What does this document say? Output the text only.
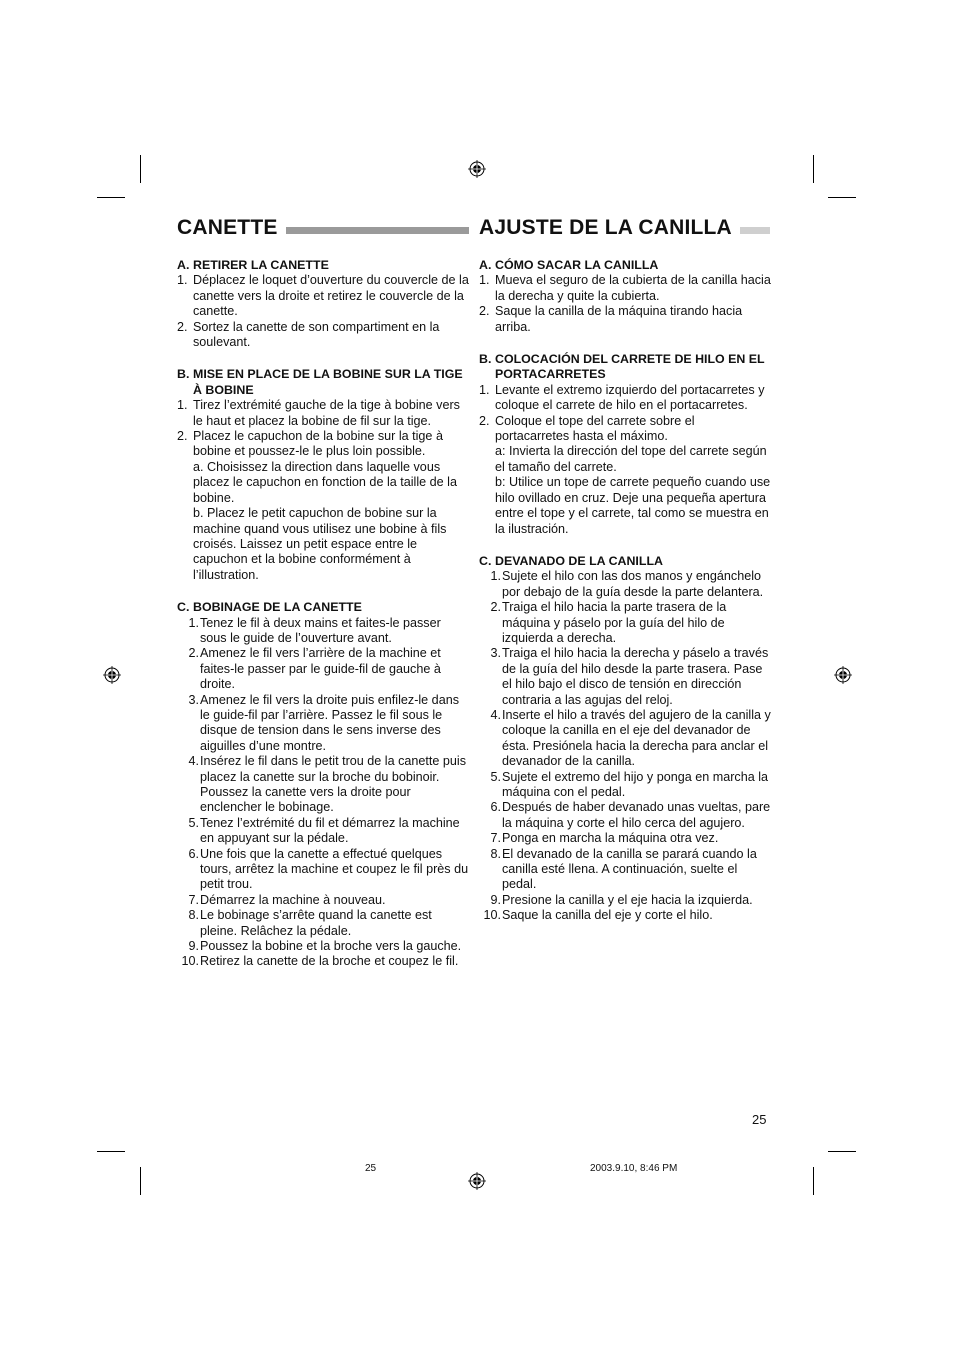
CANETTE
A. RETIRER LA CANETTE
1. Déplacez le loquet d’ouverture du couvercle de la canette vers la droite et retirez le couvercle de la canette.
2. Sortez la canette de son compartiment en la soulevant.
B. MISE EN PLACE DE LA BOBINE SUR LA TIGE À BOBINE
1. Tirez l’extrémité gauche de la tige à bobine vers le haut et placez la bobine de fil sur la tige.
2. Placez le capuchon de la bobine sur la tige à bobine et poussez-le le plus loin possible.
a. Choisissez la direction dans laquelle vous placez le capuchon en fonction de la taille de la bobine.
b. Placez le petit capuchon de bobine sur la machine quand vous utilisez une bobine à fils croisés. Laissez un petit espace entre le capuchon et la bobine conformément à l’illustration.
C. BOBINAGE DE LA CANETTE
1. Tenez le fil à deux mains et faites-le passer sous le guide de l’ouverture avant.
2. Amenez le fil vers l’arrière de la machine et faites-le passer par le guide-fil de gauche à droite.
3. Amenez le fil vers la droite puis enfilez-le dans le guide-fil par l’arrière. Passez le fil sous le disque de tension dans le sens inverse des aiguilles d’une montre.
4. Insérez le fil dans le petit trou de la canette puis placez la canette sur la broche du bobinoir. Poussez la canette vers la droite pour enclencher le bobinage.
5. Tenez l’extrémité du fil et démarrez la machine en appuyant sur la pédale.
6. Une fois que la canette a effectué quelques tours, arrêtez la machine et coupez le fil près du petit trou.
7. Démarrez la machine à nouveau.
8. Le bobinage s’arrête quand la canette est pleine. Relâchez la pédale.
9. Poussez la bobine et la broche vers la gauche.
10. Retirez la canette de la broche et coupez le fil.
AJUSTE DE LA CANILLA
A. CÓMO SACAR LA CANILLA
1. Mueva el seguro de la cubierta de la canilla hacia la derecha y quite la cubierta.
2. Saque la canilla de la máquina tirando hacia arriba.
B. COLOCACIÓN DEL CARRETE DE HILO EN EL PORTACARRETES
1. Levante el extremo izquierdo del portacarretes y coloque el carrete de hilo en el portacarretes.
2. Coloque el tope del carrete sobre el portacarretes hasta el máximo.
a: Invierta la dirección del tope del carrete según el tamaño del carrete.
b: Utilice un tope de carrete pequeño cuando use hilo ovillado en cruz. Deje una pequeña apertura entre el tope y el carrete, tal como se muestra en la ilustración.
C. DEVANADO DE LA CANILLA
1. Sujete el hilo con las dos manos y engánchelo por debajo de la guía desde la parte delantera.
2. Traiga el hilo hacia la parte trasera de la máquina y páselo por la guía del hilo de izquierda a derecha.
3. Traiga el hilo hacia la derecha y páselo a través de la guía del hilo desde la parte trasera. Pase el hilo bajo el disco de tensión en dirección contraria a las agujas del reloj.
4. Inserte el hilo a través del agujero de la canilla y coloque la canilla en el eje del devanador de ésta. Presiónela hacia la derecha para anclar el devanador de la canilla.
5. Sujete el extremo del hijo y ponga en marcha la máquina con el pedal.
6. Después de haber devanado unas vueltas, pare la máquina y corte el hilo cerca del agujero.
7. Ponga en marcha la máquina otra vez.
8. El devanado de la canilla se parará cuando la canilla esté llena. A continuación, suelte el pedal.
9. Presione la canilla y el eje hacia la izquierda.
10. Saque la canilla del eje y corte el hilo.
25
25	2003.9.10, 8:46 PM
